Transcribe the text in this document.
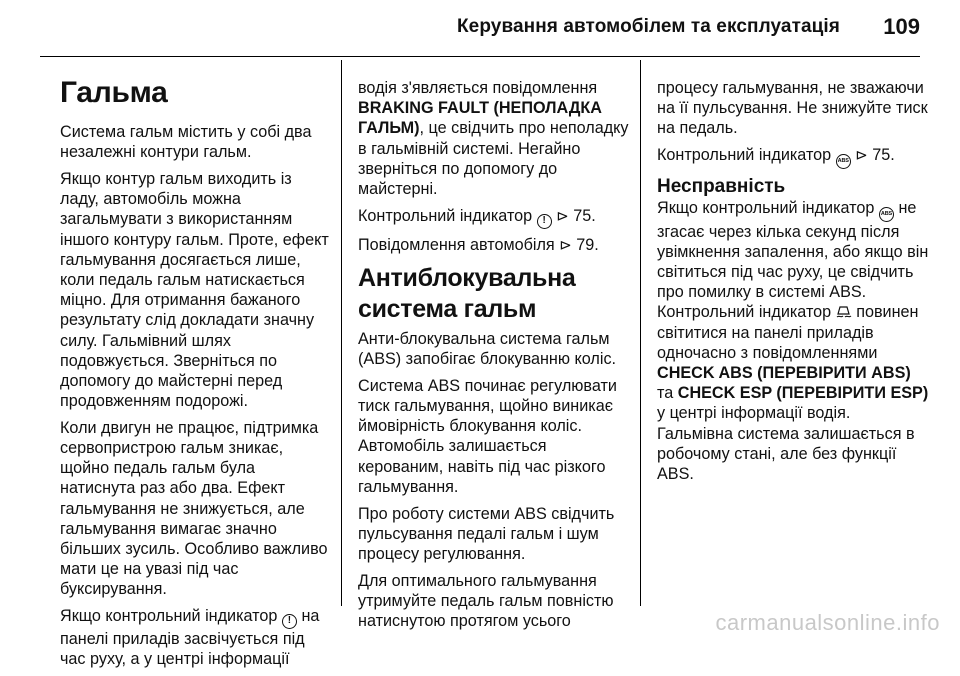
Керування автомобілем та експлуатація 109
Гальма

Система гальм містить у собі два незалежні контури гальм.

Якщо контур гальм виходить із ладу, автомобіль можна загальмувати з використанням іншого контуру гальм. Проте, ефект гальмування досягається лише, коли педаль гальм натискається міцно. Для отримання бажаного результату слід докладати значну силу. Гальмівний шлях подовжується. Зверніться по допомогу до майстерні перед продовженням подорожі.

Коли двигун не працює, підтримка сервопристрою гальм зникає, щойно педаль гальм була натиснута раз або два. Ефект гальмування не знижується, але гальмування вимагає значно більших зусиль. Особливо важливо мати це на увазі під час буксирування.

Якщо контрольний індикатор ! на панелі приладів засвічується під час руху, а у центрі інформації

водія з'являється повідомлення BRAKING FAULT (НЕПОЛАДКА ГАЛЬМ), це свідчить про неполадку в гальмівній системі. Негайно зверніться по допомогу до майстерні.

Контрольний індикатор ! ⊳ 75.

Повідомлення автомобіля ⊳ 79.

Антиблокувальна система гальм

Анти-блокувальна система гальм (ABS) запобігає блокуванню коліс.

Система ABS починає регулювати тиск гальмування, щойно виникає ймовірність блокування коліс. Автомобіль залишається керованим, навіть під час різкого гальмування.

Про роботу системи ABS свідчить пульсування педалі гальм і шум процесу регулювання.

Для оптимального гальмування утримуйте педаль гальм повністю натиснутою протягом усього

процесу гальмування, не зважаючи на її пульсування. Не знижуйте тиск на педаль.

Контрольний індикатор ABS ⊳ 75.

Несправність

Якщо контрольний індикатор ABS не згасає через кілька секунд після увімкнення запалення, або якщо він світиться під час руху, це свідчить про помилку в системі ABS. Контрольний індикатор повинен світитися на панелі приладів одночасно з повідомленнями CHECK ABS (ПЕРЕВІРИТИ ABS) та CHECK ESP (ПЕРЕВІРИТИ ESP) у центрі інформації водія. Гальмівна система залишається в робочому стані, але без функції ABS.

carmanualsonline.info
